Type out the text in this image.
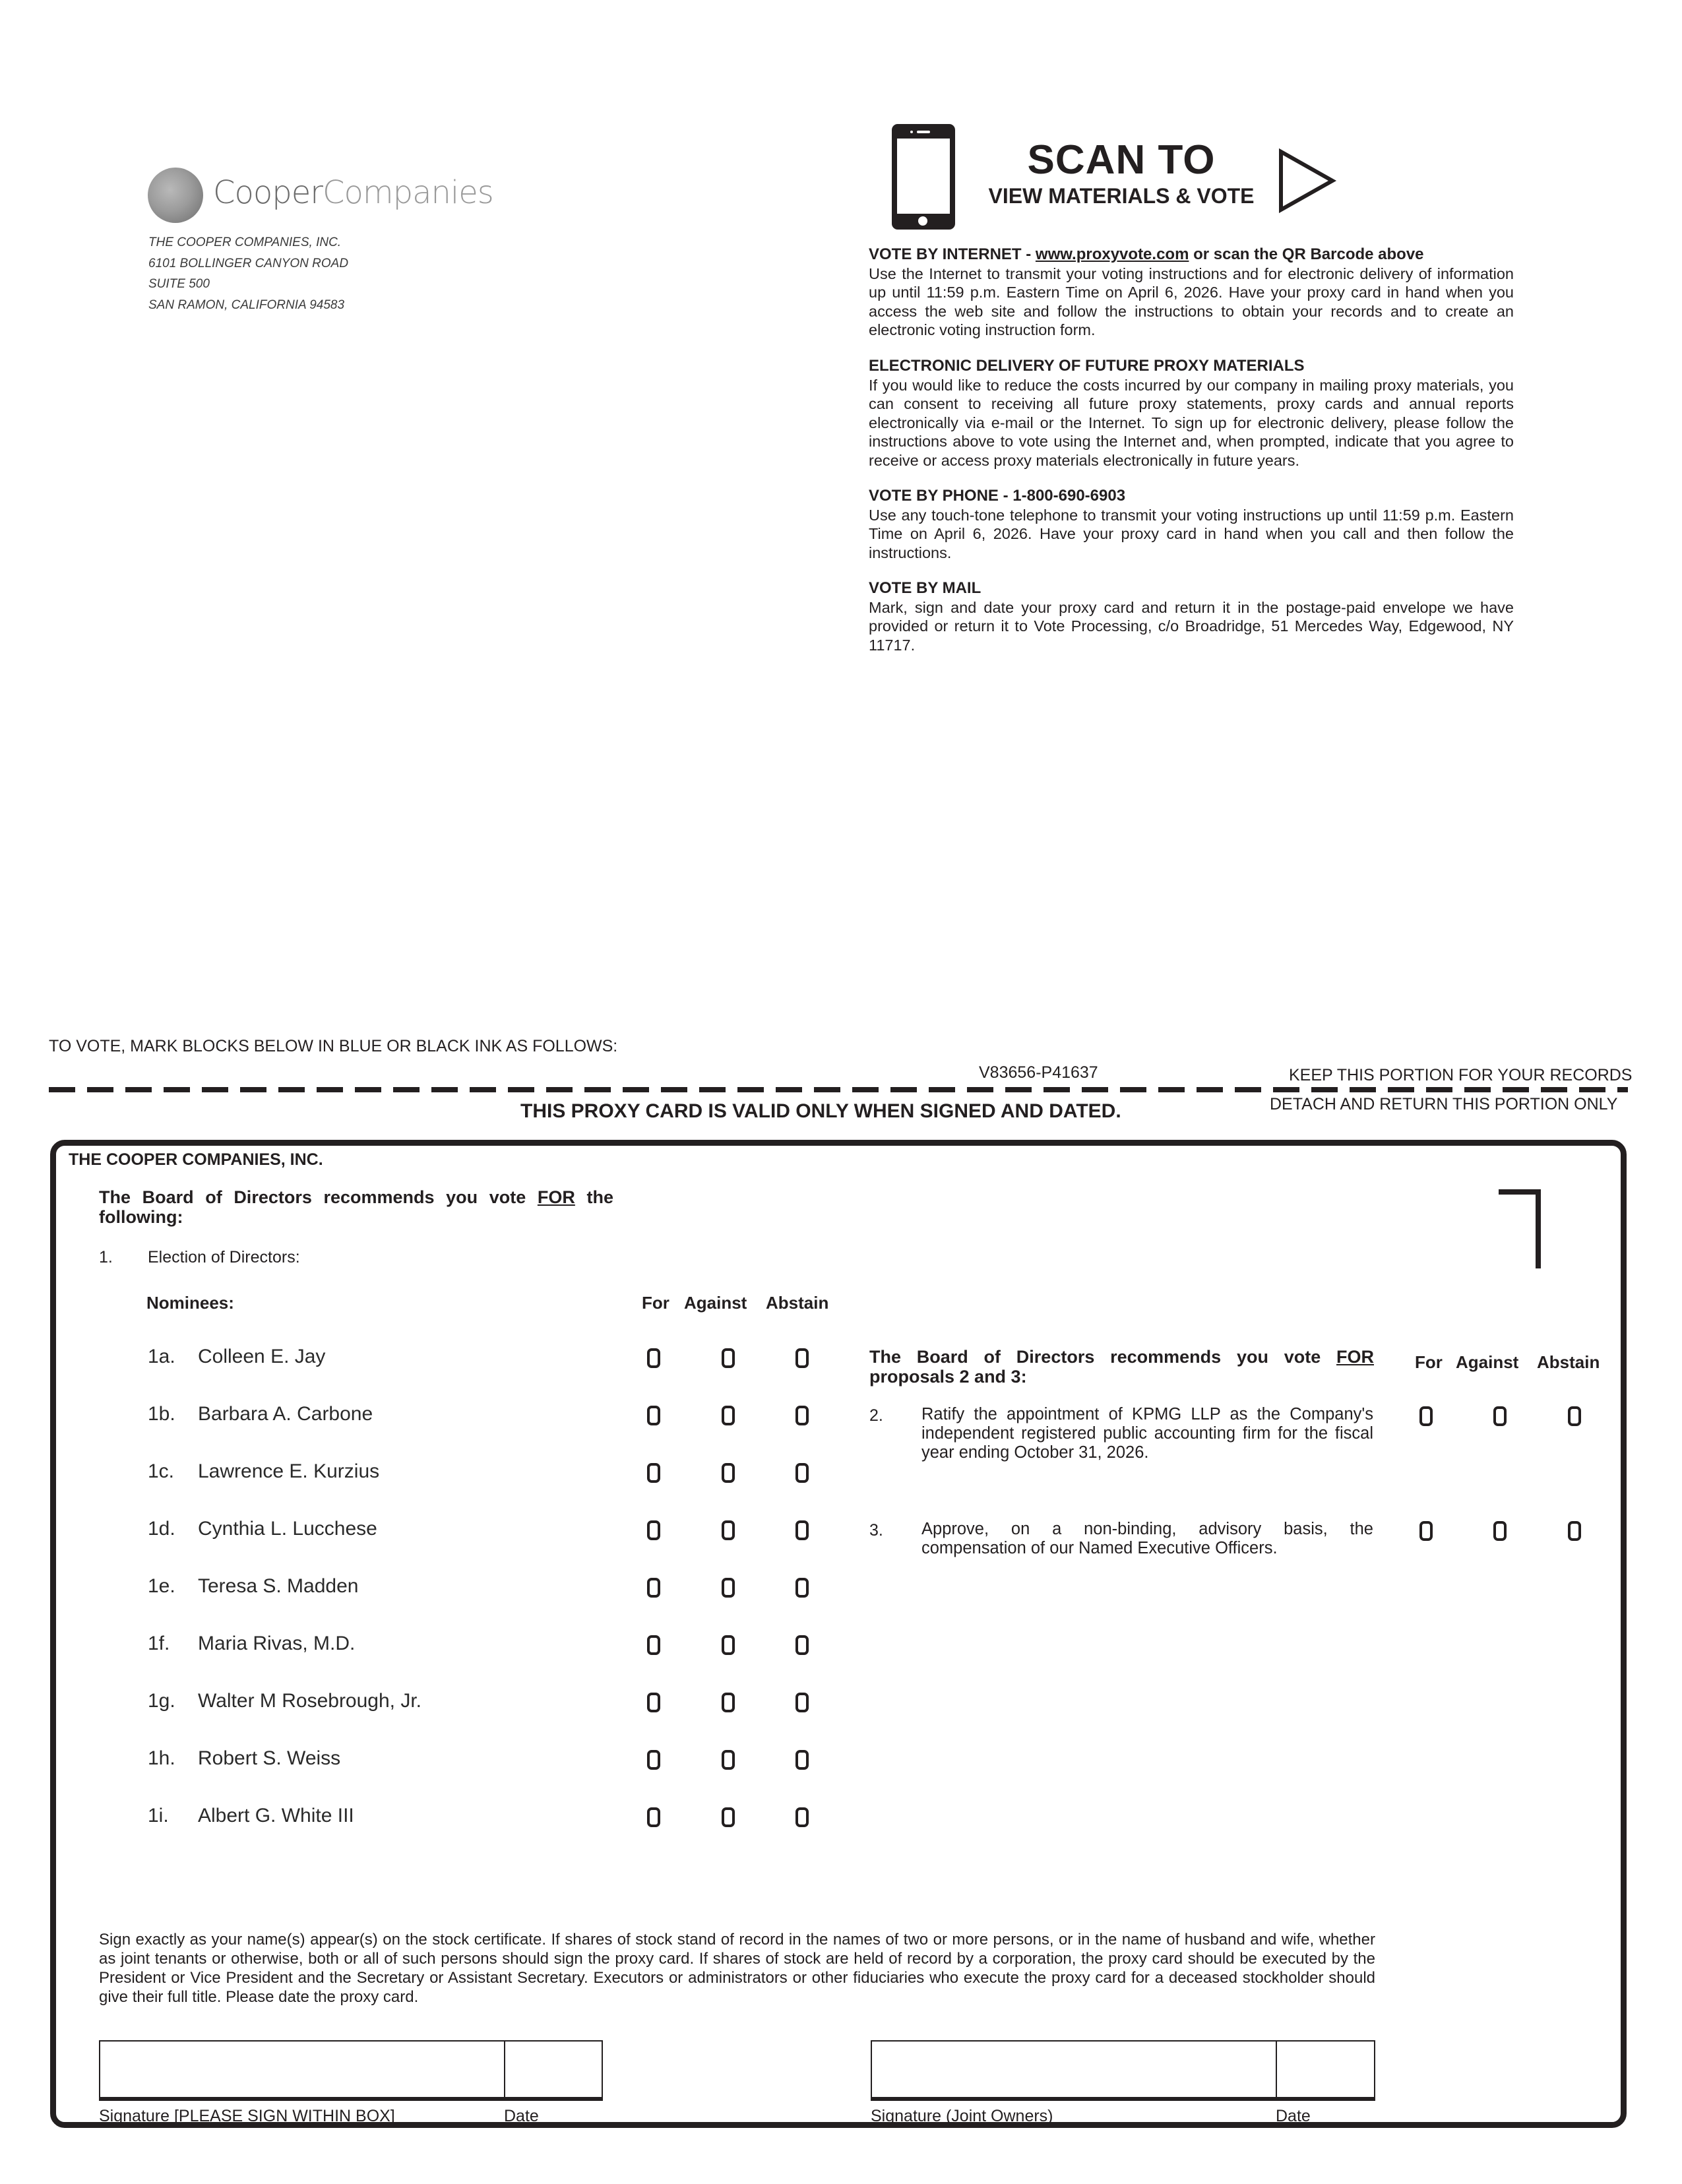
CooperCompanies
THE COOPER COMPANIES, INC.
6101 BOLLINGER CANYON ROAD
SUITE 500
SAN RAMON, CALIFORNIA 94583
SCAN TO
VIEW MATERIALS & VOTE
VOTE BY INTERNET - www.proxyvote.com or scan the QR Barcode above
Use the Internet to transmit your voting instructions and for electronic delivery of information up until 11:59 p.m. Eastern Time on April 6, 2026. Have your proxy card in hand when you access the web site and follow the instructions to obtain your records and to create an electronic voting instruction form.
ELECTRONIC DELIVERY OF FUTURE PROXY MATERIALS
If you would like to reduce the costs incurred by our company in mailing proxy materials, you can consent to receiving all future proxy statements, proxy cards and annual reports electronically via e-mail or the Internet. To sign up for electronic delivery, please follow the instructions above to vote using the Internet and, when prompted, indicate that you agree to receive or access proxy materials electronically in future years.
VOTE BY PHONE - 1-800-690-6903
Use any touch-tone telephone to transmit your voting instructions up until 11:59 p.m. Eastern Time on April 6, 2026. Have your proxy card in hand when you call and then follow the instructions.
VOTE BY MAIL
Mark, sign and date your proxy card and return it in the postage-paid envelope we have provided or return it to Vote Processing, c/o Broadridge, 51 Mercedes Way, Edgewood, NY 11717.
TO VOTE, MARK BLOCKS BELOW IN BLUE OR BLACK INK AS FOLLOWS:
V83656-P41637	KEEP THIS PORTION FOR YOUR RECORDS
DETACH AND RETURN THIS PORTION ONLY
THIS PROXY CARD IS VALID ONLY WHEN SIGNED AND DATED.
THE COOPER COMPANIES, INC.
The Board of Directors recommends you vote FOR the following:
1. Election of Directors:
Nominees:	For Against Abstain
1a. Colleen E. Jay
1b. Barbara A. Carbone
1c. Lawrence E. Kurzius
1d. Cynthia L. Lucchese
1e. Teresa S. Madden
1f. Maria Rivas, M.D.
1g. Walter M Rosebrough, Jr.
1h. Robert S. Weiss
1i. Albert G. White III
The Board of Directors recommends you vote FOR proposals 2 and 3:
For Against Abstain
2. Ratify the appointment of KPMG LLP as the Company's independent registered public accounting firm for the fiscal year ending October 31, 2026.
3. Approve, on a non-binding, advisory basis, the compensation of our Named Executive Officers.
Sign exactly as your name(s) appear(s) on the stock certificate. If shares of stock stand of record in the names of two or more persons, or in the name of husband and wife, whether as joint tenants or otherwise, both or all of such persons should sign the proxy card. If shares of stock are held of record by a corporation, the proxy card should be executed by the President or Vice President and the Secretary or Assistant Secretary. Executors or administrators or other fiduciaries who execute the proxy card for a deceased stockholder should give their full title. Please date the proxy card.
Signature [PLEASE SIGN WITHIN BOX]	Date	Signature (Joint Owners)	Date
